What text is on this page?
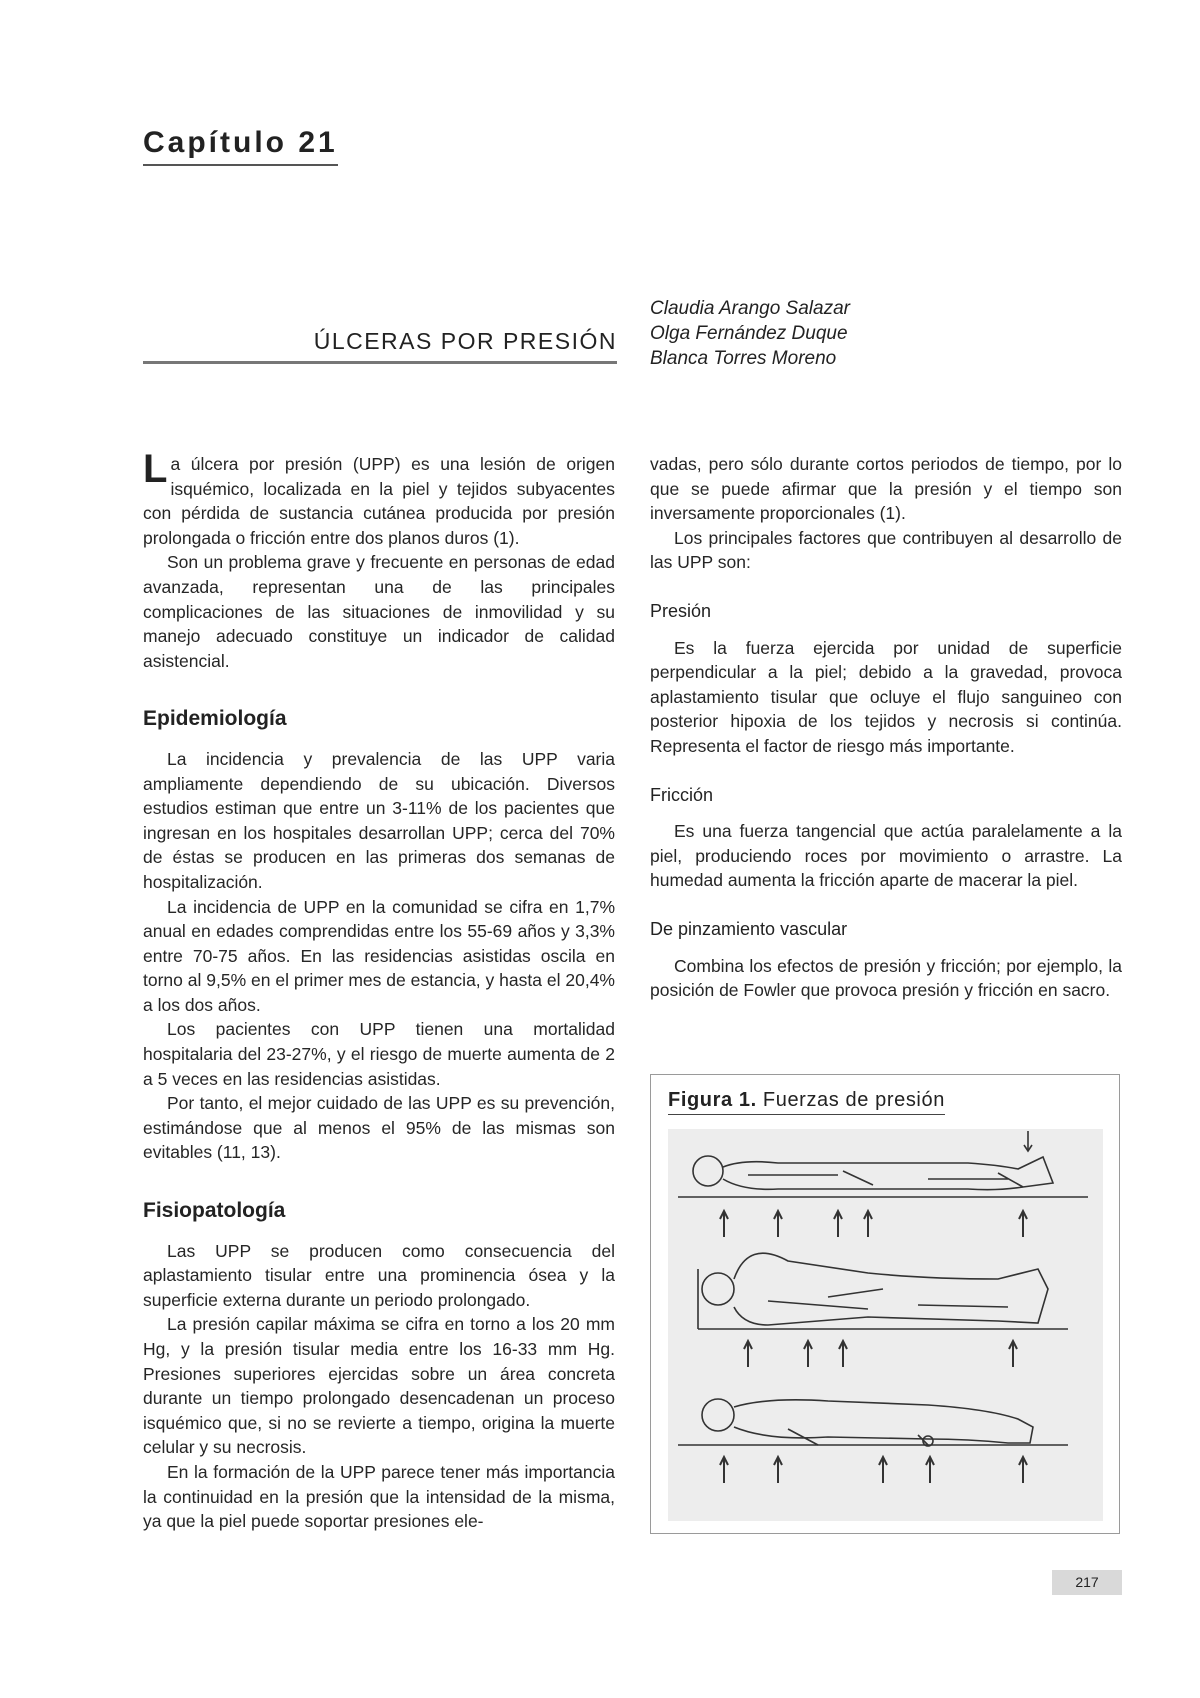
Capítulo 21
ÚLCERAS POR PRESIÓN
Claudia Arango Salazar
Olga Fernández Duque
Blanca Torres Moreno

La úlcera por presión (UPP) es una lesión de origen isquémico, localizada en la piel y tejidos subyacentes con pérdida de sustancia cutánea producida por presión prolongada o fricción entre dos planos duros (1).

Son un problema grave y frecuente en personas de edad avanzada, representan una de las principales complicaciones de las situaciones de inmovilidad y su manejo adecuado constituye un indicador de calidad asistencial.

Epidemiología

La incidencia y prevalencia de las UPP varia ampliamente dependiendo de su ubicación. Diversos estudios estiman que entre un 3-11% de los pacientes que ingresan en los hospitales desarrollan UPP; cerca del 70% de éstas se producen en las primeras dos semanas de hospitalización.

La incidencia de UPP en la comunidad se cifra en 1,7% anual en edades comprendidas entre los 55-69 años y 3,3% entre 70-75 años. En las residencias asistidas oscila en torno al 9,5% en el primer mes de estancia, y hasta el 20,4% a los dos años.

Los pacientes con UPP tienen una mortalidad hospitalaria del 23-27%, y el riesgo de muerte aumenta de 2 a 5 veces en las residencias asistidas.

Por tanto, el mejor cuidado de las UPP es su prevención, estimándose que al menos el 95% de las mismas son evitables (11, 13).

Fisiopatología

Las UPP se producen como consecuencia del aplastamiento tisular entre una prominencia ósea y la superficie externa durante un periodo prolongado.

La presión capilar máxima se cifra en torno a los 20 mm Hg, y la presión tisular media entre los 16-33 mm Hg. Presiones superiores ejercidas sobre un área concreta durante un tiempo prolongado desencadenan un proceso isquémico que, si no se revierte a tiempo, origina la muerte celular y su necrosis.

En la formación de la UPP parece tener más importancia la continuidad en la presión que la intensidad de la misma, ya que la piel puede soportar presiones ele-

vadas, pero sólo durante cortos periodos de tiempo, por lo que se puede afirmar que la presión y el tiempo son inversamente proporcionales (1).

Los principales factores que contribuyen al desarrollo de las UPP son:

Presión

Es la fuerza ejercida por unidad de superficie perpendicular a la piel; debido a la gravedad, provoca aplastamiento tisular que ocluye el flujo sanguineo con posterior hipoxia de los tejidos y necrosis si continúa. Representa el factor de riesgo más importante.

Fricción

Es una fuerza tangencial que actúa paralelamente a la piel, produciendo roces por movimiento o arrastre. La humedad aumenta la fricción aparte de macerar la piel.

De pinzamiento vascular

Combina los efectos de presión y fricción; por ejemplo, la posición de Fowler que provoca presión y fricción en sacro.

Figura 1. Fuerzas de presión
217
